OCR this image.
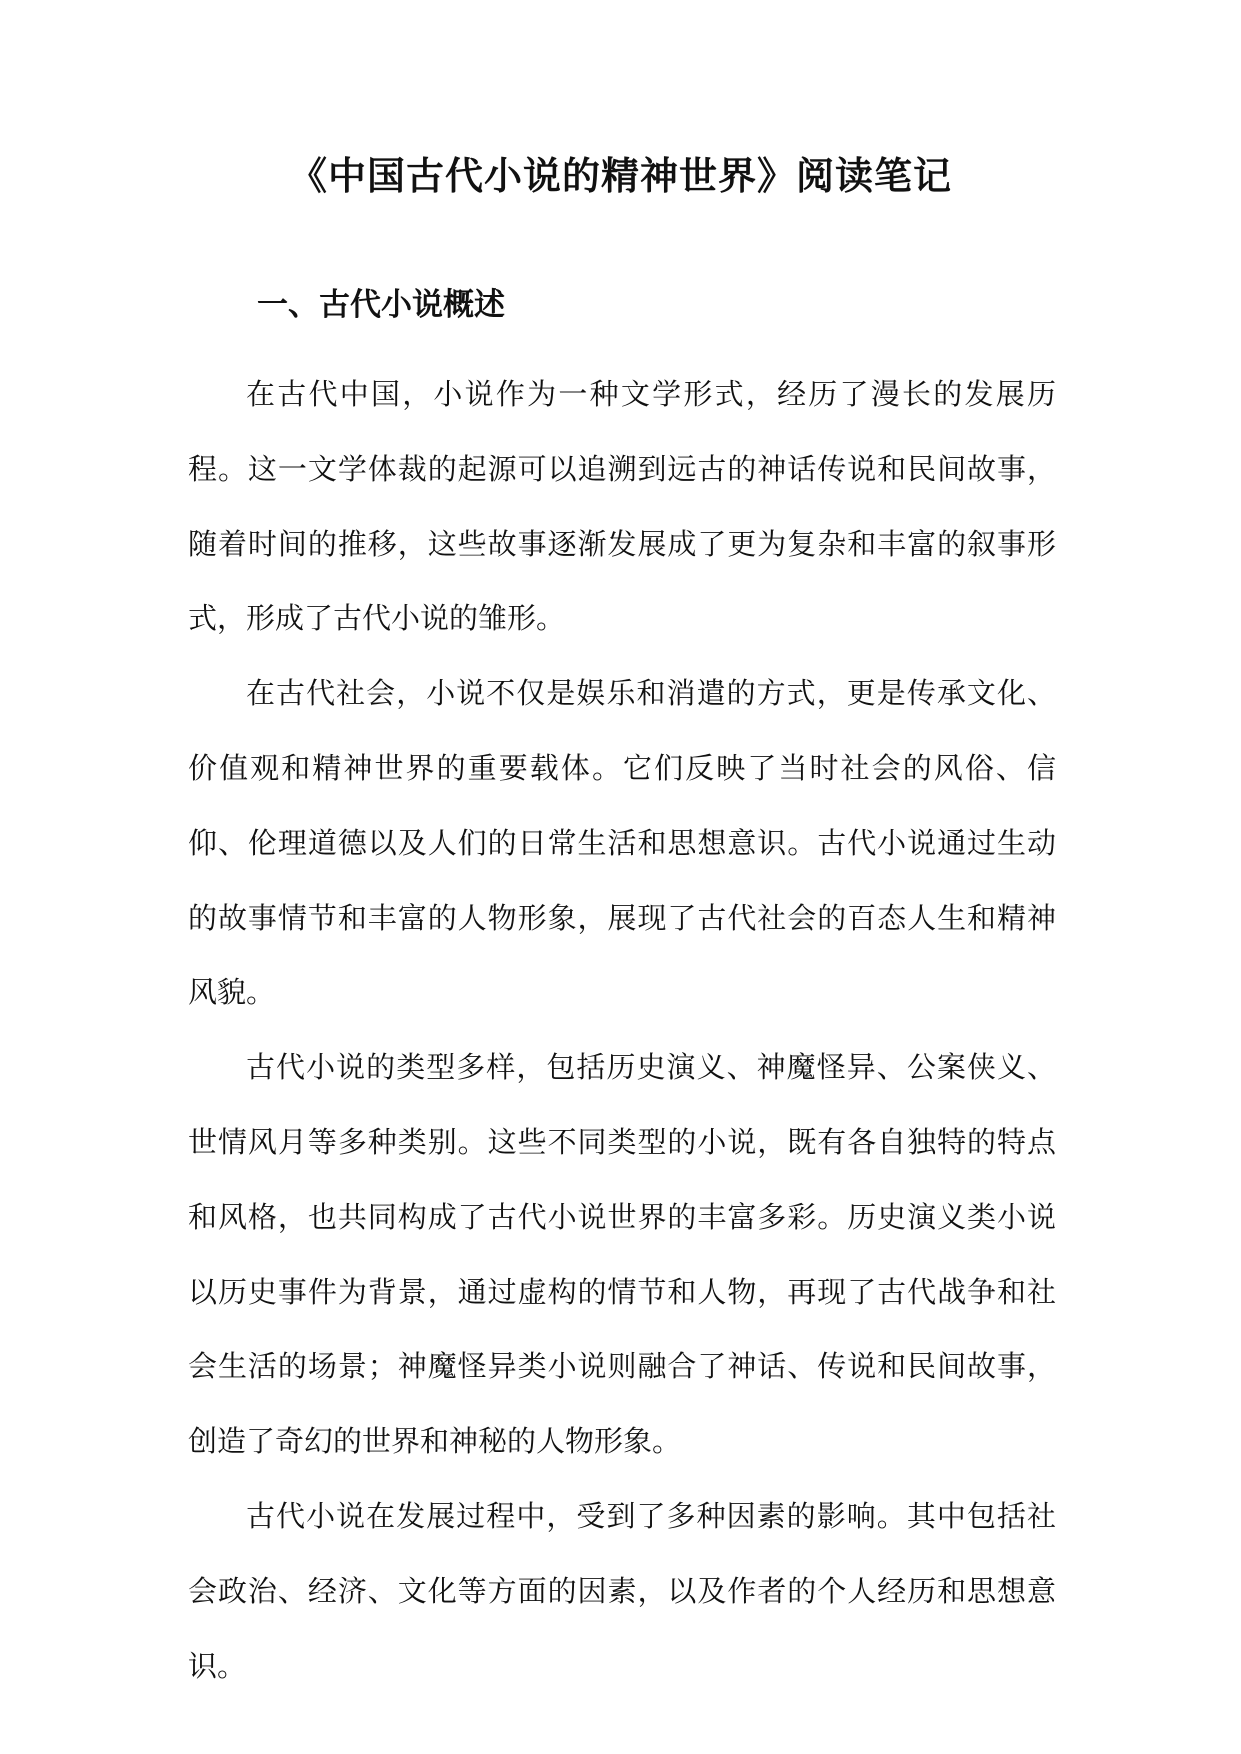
《中国古代小说的精神世界》阅读笔记
一、古代小说概述

在古代中国，小说作为一种文学形式，经历了漫长的发展历程。这一文学体裁的起源可以追溯到远古的神话传说和民间故事，随着时间的推移，这些故事逐渐发展成了更为复杂和丰富的叙事形式，形成了古代小说的雏形。

在古代社会，小说不仅是娱乐和消遣的方式，更是传承文化、价值观和精神世界的重要载体。它们反映了当时社会的风俗、信仰、伦理道德以及人们的日常生活和思想意识。古代小说通过生动的故事情节和丰富的人物形象，展现了古代社会的百态人生和精神风貌。

古代小说的类型多样，包括历史演义、神魔怪异、公案侠义、世情风月等多种类别。这些不同类型的小说，既有各自独特的特点和风格，也共同构成了古代小说世界的丰富多彩。历史演义类小说以历史事件为背景，通过虚构的情节和人物，再现了古代战争和社会生活的场景；神魔怪异类小说则融合了神话、传说和民间故事，创造了奇幻的世界和神秘的人物形象。

古代小说在发展过程中，受到了多种因素的影响。其中包括社会政治、经济、文化等方面的因素，以及作者的个人经历和思想意识。
